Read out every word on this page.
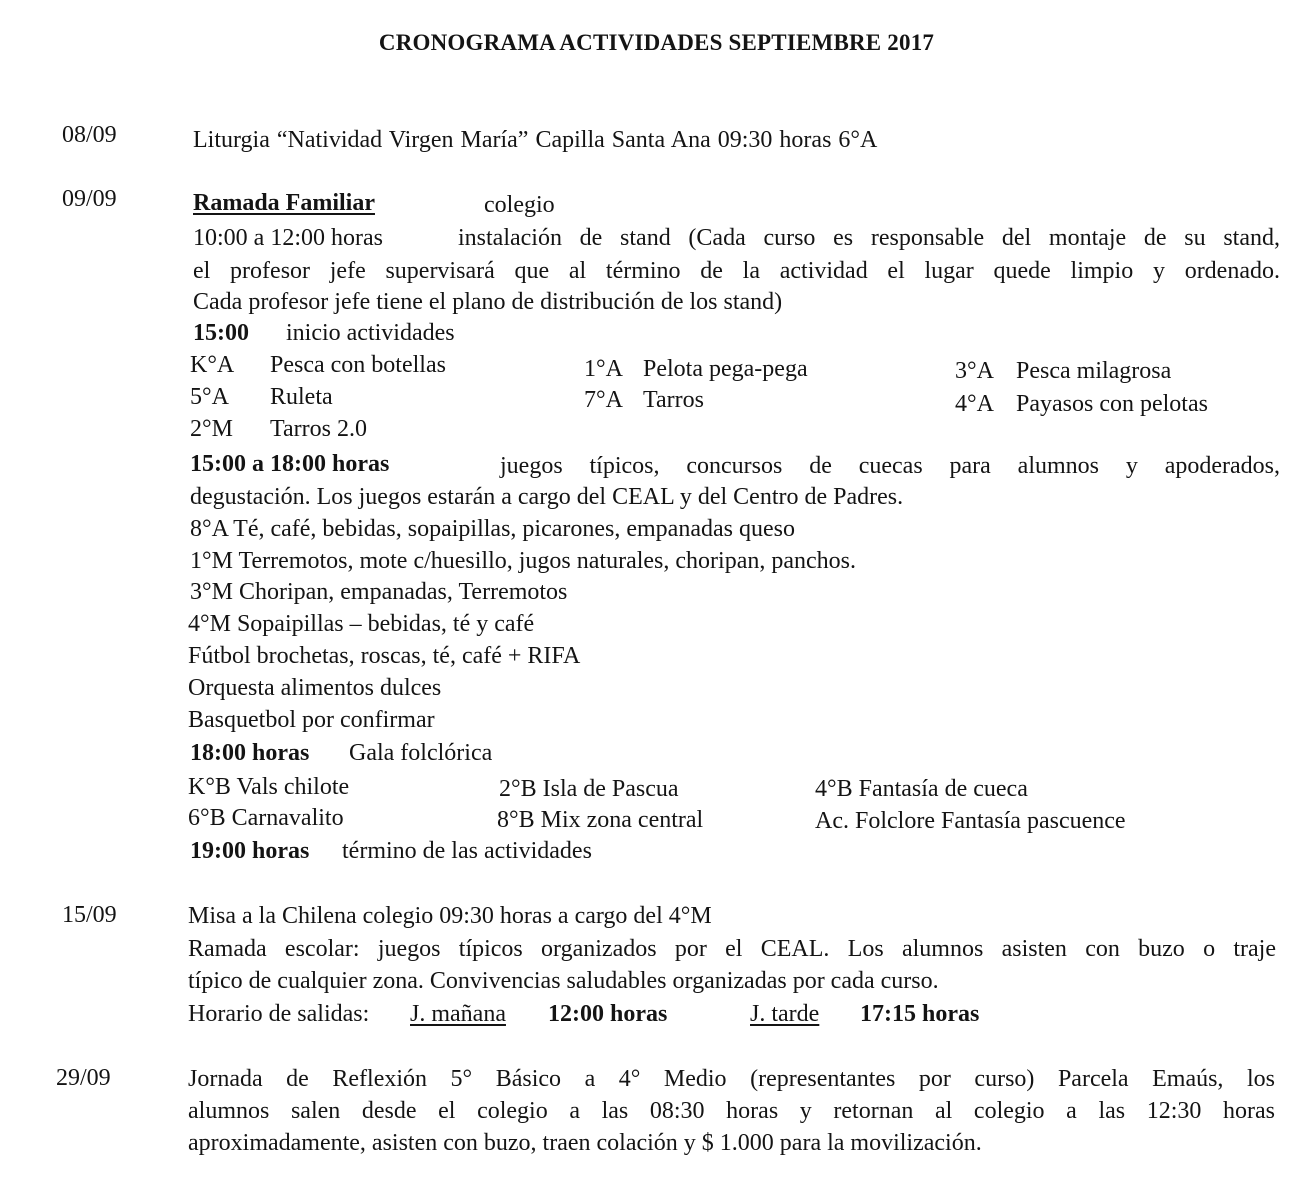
CRONOGRAMA ACTIVIDADES SEPTIEMBRE 2017
08/09	Liturgia “Natividad Virgen María” Capilla Santa Ana 09:30 horas 6°A
09/09	Ramada Familiar	colegio
10:00 a 12:00 horas	instalación de stand (Cada curso es responsable del montaje de su stand,
el profesor jefe supervisará que al término de la actividad el lugar quede limpio y ordenado.
Cada profesor jefe tiene el plano de distribución de los stand)
15:00 inicio actividades
K°A Pesca con botellas	1°A Pelota pega-pega	3°A Pesca milagrosa
5°A Ruleta	7°A Tarros	4°A Payasos con pelotas
2°M Tarros 2.0
15:00 a 18:00 horas	juegos típicos, concursos de cuecas para alumnos y apoderados,
degustación. Los juegos estarán a cargo del CEAL y del Centro de Padres.
8°A Té, café, bebidas, sopaipillas, picarones, empanadas queso
1°M Terremotos, mote c/huesillo, jugos naturales, choripan, panchos.
3°M Choripan, empanadas, Terremotos
4°M Sopaipillas – bebidas, té y café
Fútbol brochetas, roscas, té, café + RIFA
Orquesta alimentos dulces
Basquetbol por confirmar
18:00 horas Gala folclórica
K°B Vals chilote	2°B Isla de Pascua	4°B Fantasía de cueca
6°B Carnavalito	8°B Mix zona central	Ac. Folclore Fantasía pascuence
19:00 horas término de las actividades
15/09	Misa a la Chilena colegio 09:30 horas a cargo del 4°M
Ramada escolar: juegos típicos organizados por el CEAL. Los alumnos asisten con buzo o traje
típico de cualquier zona. Convivencias saludables organizadas por cada curso.
Horario de salidas: J. mañana 12:00 horas	J. tarde 17:15 horas
29/09	Jornada de Reflexión 5° Básico a 4° Medio (representantes por curso) Parcela Emaús, los
alumnos salen desde el colegio a las 08:30 horas y retornan al colegio a las 12:30 horas
aproximadamente, asisten con buzo, traen colación y $ 1.000 para la movilización.
